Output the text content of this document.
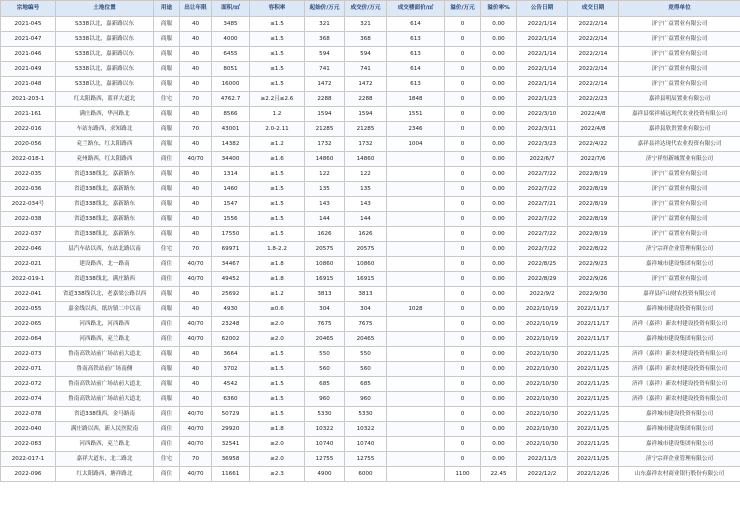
宗地编号	土地位置	用途	出让年限	面积/㎡	容积率	起始价/万元	成交价/万元	成交楼面价/㎡	溢价/万元	溢价率%	公告日期	成交日期	竞得单位
2021-045	S338以北，嘉新路以东	商服	40	3485	≤1.5	321	321	614	0	0.00	2022/1/14	2022/2/14	济宁广益置业有限公司
2021-047	S338以北，嘉新路以东	商服	40	4000	≤1.5	368	368	613	0	0.00	2022/1/14	2022/2/14	济宁广益置业有限公司
2021-046	S338以北，嘉新路以东	商服	40	6455	≤1.5	594	594	613	0	0.00	2022/1/14	2022/2/14	济宁广益置业有限公司
2021-049	S338以北，嘉新路以东	商服	40	8051	≤1.5	741	741	614	0	0.00	2022/1/14	2022/2/14	济宁广益置业有限公司
2021-048	S338以北，嘉新路以东	商服	40	16000	≤1.5	1472	1472	613	0	0.00	2022/1/14	2022/2/14	济宁广益置业有限公司
2021-203-1	红太阳路西，蓝祥大道北	住宅	70	4762.7	≥2.2且≤2.6	2288	2288	1848	0	0.00	2022/1/23	2022/2/23	嘉祥县明辰置业有限公司
2021-161	满庄路西，华河路北	商服	40	8566	1.2	1594	1594	1551	0	0.00	2022/3/10	2022/4/8	嘉祥县梁祥祯远现代农业投资有限公司
2022-016	车站东路西，求知路北	商服	70	43001	2.0-2.11	21285	21285	2346	0	0.00	2022/3/11	2022/4/8	嘉祥县欣贵置业有限公司
2020-056	兖兰路东，红太阳路西	商服	40	14382	≥1.2	1732	1732	1004	0	0.00	2022/3/23	2022/4/22	嘉祥县祥达现代农业投资有限公司
2022-018-1	兖州路西，红太阳路西	商住	40/70	34400	≥1.6	14860	14860		0	0.00	2022/6/7	2022/7/6	济宁祥恒新城置业有限公司
2022-035	省道338线北，嘉新路东	商服	40	1314	≥1.5	122	122		0	0.00	2022/7/22	2022/8/19	济宁广益置业有限公司
2022-036	省道338线北，嘉新路东	商服	40	1460	≥1.5	135	135		0	0.00	2022/7/22	2022/8/19	济宁广益置业有限公司
2022-034号	省道338线北，嘉新路东	商服	40	1547	≥1.5	143	143		0	0.00	2022/7/21	2022/8/19	济宁广益置业有限公司
2022-038	省道338线北，嘉新路东	商服	40	1556	≥1.5	144	144		0	0.00	2022/7/22	2022/8/19	济宁广益置业有限公司
2022-037	省道338线北，嘉新路东	商服	40	17550	≥1.5	1626	1626		0	0.00	2022/7/22	2022/8/19	济宁广益置业有限公司
2022-046	县汽车站以西，东站北路以南	住宅	70	69971	1.8-2.2	20575	20575		0	0.00	2022/7/22	2022/8/22	济宁宗祥企业管理有限公司
2022-021	建设路西，北一路南	商住	40/70	34467	≥1.8	10860	10860		0	0.00	2022/8/25	2022/9/23	嘉祥城市建设集团有限公司
2022-019-1	省道338线北，满庄路西	商住	40/70	49452	≥1.8	16915	16915		0	0.00	2022/8/29	2022/9/26	济宁广益置业有限公司
2022-041	省道338线以北，老嘉梁公路以西	商服	40	25692	≥1.2	3813	3813		0	0.00	2022/9/2	2022/9/30	嘉祥县庐山财农投资有限公司
2022-055	嘉金线以西，纸坊镇二中以南	商服	40	4930	≥0.6	304	304	1028	0	0.00	2022/10/19	2022/11/17	嘉祥城市建设投资有限公司
2022-065	河西路北，河西路西	商住	40/70	23248	≥2.0	7675	7675		0	0.00	2022/10/19	2022/11/17	济祥（嘉祥）新农村建设投资有限公司
2022-064	河西路西，兖兰路北	商住	40/70	62002	≥2.0	20465	20465		0	0.00	2022/10/19	2022/11/17	嘉祥城市建设集团有限公司
2022-073	鲁南高铁站前广场站前大道北	商服	40	3664	≥1.5	550	550		0	0.00	2022/10/30	2022/11/25	济祥（嘉祥）新农村建设投资有限公司
2022-071	鲁南高铁站前广场南侧	商服	40	3702	≥1.5	560	560		0	0.00	2022/10/30	2022/11/25	济祥（嘉祥）新农村建设投资有限公司
2022-072	鲁南高铁站前广场站前大道北	商服	40	4542	≥1.5	685	685		0	0.00	2022/10/30	2022/11/25	济祥（嘉祥）新农村建设投资有限公司
2022-074	鲁南高铁站前广场站前大道北	商服	40	6360	≥1.5	960	960		0	0.00	2022/10/30	2022/11/25	济祥（嘉祥）新农村建设投资有限公司
2022-078	省道338线西，金马路南	商住	40/70	50729	≥1.5	5330	5330		0	0.00	2022/10/30	2022/11/25	嘉祥城市建设投资有限公司
2022-040	满庄路以西，新人民医院南	商住	40/70	29920	≥1.8	10322	10322		0	0.00	2022/10/30	2022/11/25	嘉祥城市建设集团有限公司
2022-083	河西路西，兖兰路北	商住	40/70	32541	≥2.0	10740	10740		0	0.00	2022/10/30	2022/11/25	嘉祥城市建设集团有限公司
2022-017-1	嘉祥大道东，北二路北	住宅	70	36958	≥2.0	12755	12755		0	0.00	2022/11/3	2022/11/25	济宁宗祥企业管理有限公司
2022-096	红太阳路西，塘祥路北	商住	40/70	11661	≥2.3	4900	6000		1100	22.45	2022/12/2	2022/12/26	山东嘉祥农村商业银行股份有限公司
